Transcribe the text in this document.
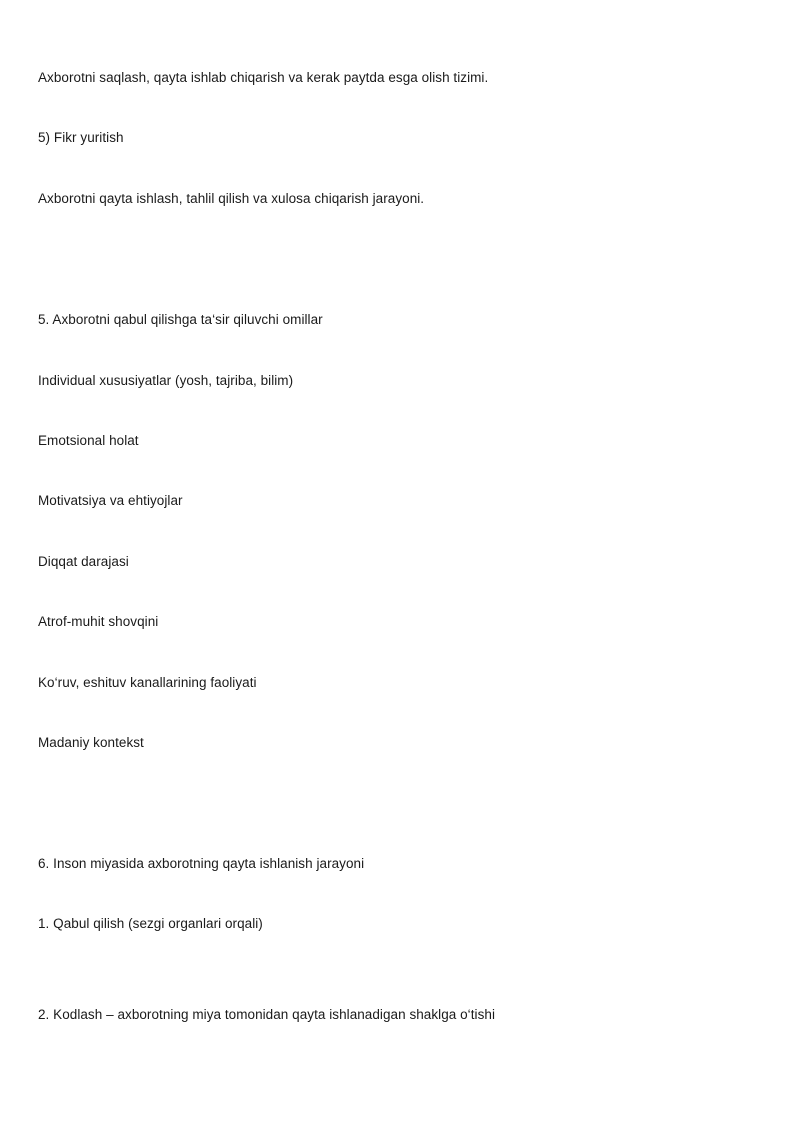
Axborotni saqlash, qayta ishlab chiqarish va kerak paytda esga olish tizimi.
5) Fikr yuritish
Axborotni qayta ishlash, tahlil qilish va xulosa chiqarish jarayoni.
5. Axborotni qabul qilishga ta‘sir qiluvchi omillar
Individual xususiyatlar (yosh, tajriba, bilim)
Emotsional holat
Motivatsiya va ehtiyojlar
Diqqat darajasi
Atrof-muhit shovqini
Ko‘ruv, eshituv kanallarining faoliyati
Madaniy kontekst
6. Inson miyasida axborotning qayta ishlanish jarayoni
1. Qabul qilish (sezgi organlari orqali)
2. Kodlash – axborotning miya tomonidan qayta ishlanadigan shaklga o‘tishi
